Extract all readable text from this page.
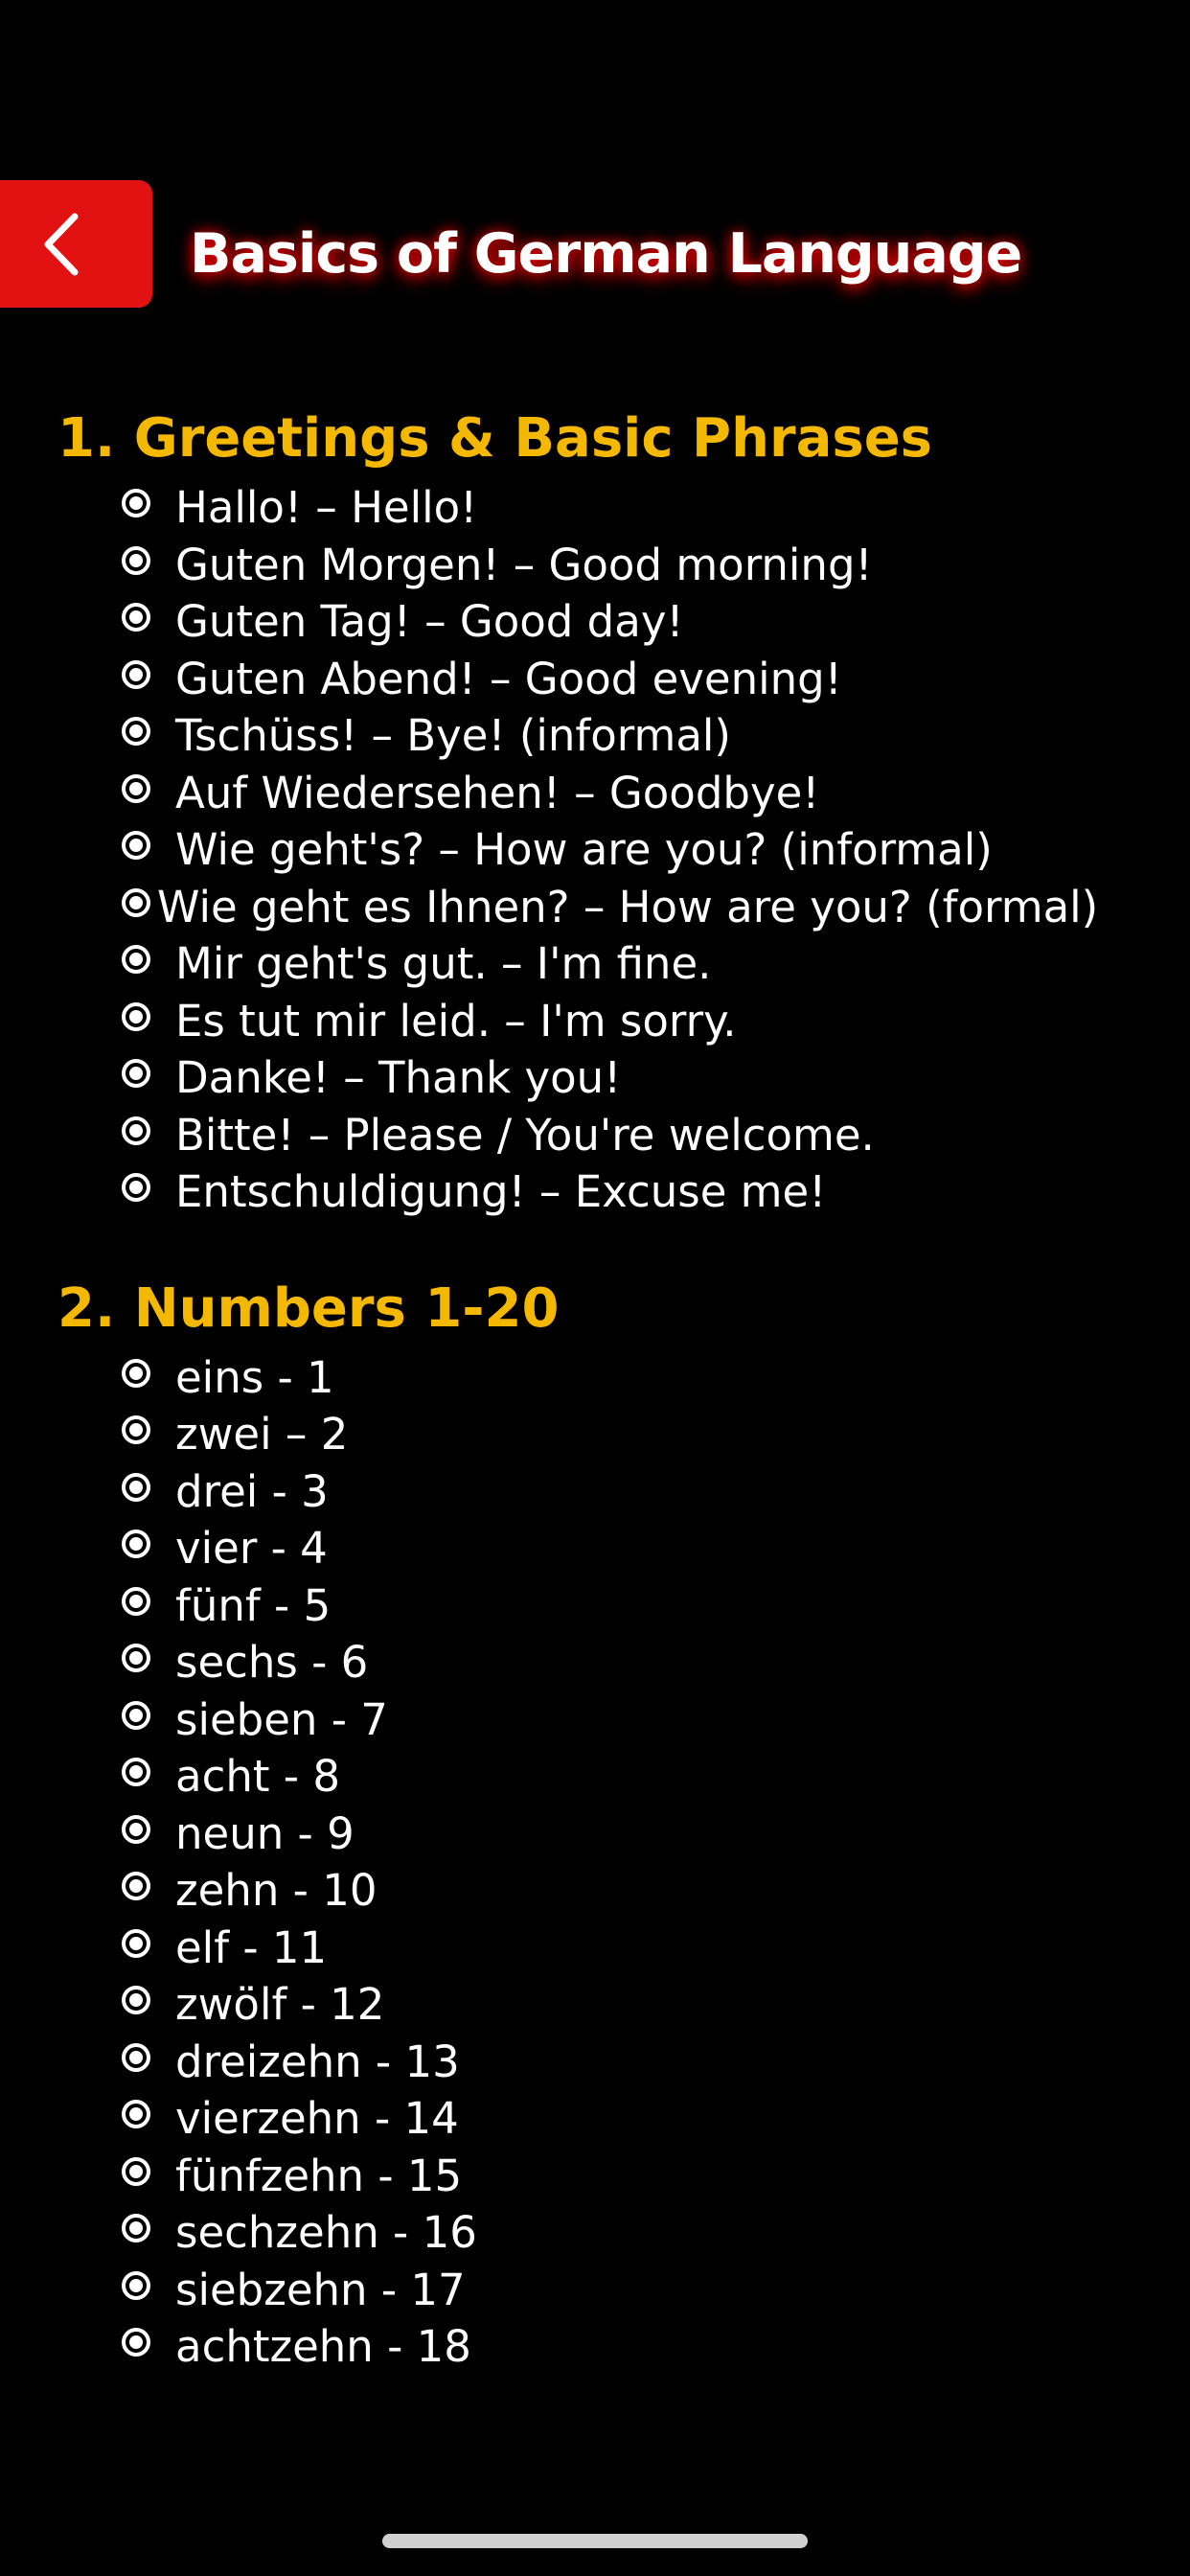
Basics of German Language
1. Greetings & Basic Phrases
Hallo! – Hello!
Guten Morgen! – Good morning!
Guten Tag! – Good day!
Guten Abend! – Good evening!
Tschüss! – Bye! (informal)
Auf Wiedersehen! – Goodbye!
Wie geht's? – How are you? (informal)
Wie geht es Ihnen? – How are you? (formal)
Mir geht's gut. – I'm fine.
Es tut mir leid. – I'm sorry.
Danke! – Thank you!
Bitte! – Please / You're welcome.
Entschuldigung! – Excuse me!
2. Numbers 1-20
eins - 1
zwei – 2
drei - 3
vier - 4
fünf - 5
sechs - 6
sieben - 7
acht - 8
neun - 9
zehn - 10
elf - 11
zwölf - 12
dreizehn - 13
vierzehn - 14
fünfzehn - 15
sechzehn - 16
siebzehn - 17
achtzehn - 18
